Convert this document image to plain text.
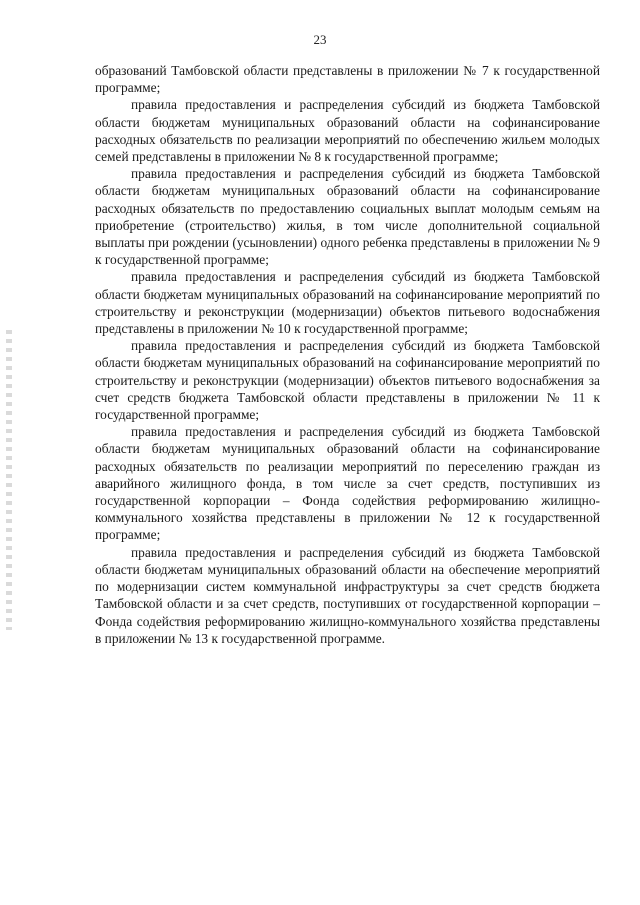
23

образований Тамбовской области представлены в приложении № 7 к государственной программе;

правила предоставления и распределения субсидий из бюджета Тамбовской области бюджетам муниципальных образований области на софинансирование расходных обязательств по реализации мероприятий по обеспечению жильем молодых семей представлены в приложении № 8 к государственной программе;

правила предоставления и распределения субсидий из бюджета Тамбовской области бюджетам муниципальных образований области на софинансирование расходных обязательств по предоставлению социальных выплат молодым семьям на приобретение (строительство) жилья, в том числе дополнительной социальной выплаты при рождении (усыновлении) одного ребенка представлены в приложении № 9 к государственной программе;

правила предоставления и распределения субсидий из бюджета Тамбовской области бюджетам муниципальных образований на софинансирование мероприятий по строительству и реконструкции (модернизации) объектов питьевого водоснабжения представлены в приложении № 10 к государственной программе;

правила предоставления и распределения субсидий из бюджета Тамбовской области бюджетам муниципальных образований на софинансирование мероприятий по строительству и реконструкции (модернизации) объектов питьевого водоснабжения за счет средств бюджета Тамбовской области представлены в приложении № 11 к государственной программе;

правила предоставления и распределения субсидий из бюджета Тамбовской области бюджетам муниципальных образований области на софинансирование расходных обязательств по реализации мероприятий по переселению граждан из аварийного жилищного фонда, в том числе за счет средств, поступивших из государственной корпорации – Фонда содействия реформированию жилищно-коммунального хозяйства представлены в приложении № 12 к государственной программе;

правила предоставления и распределения субсидий из бюджета Тамбовской области бюджетам муниципальных образований области на обеспечение мероприятий по модернизации систем коммунальной инфраструктуры за счет средств бюджета Тамбовской области и за счет средств, поступивших от государственной корпорации – Фонда содействия реформированию жилищно-коммунального хозяйства представлены в приложении № 13 к государственной программе.
